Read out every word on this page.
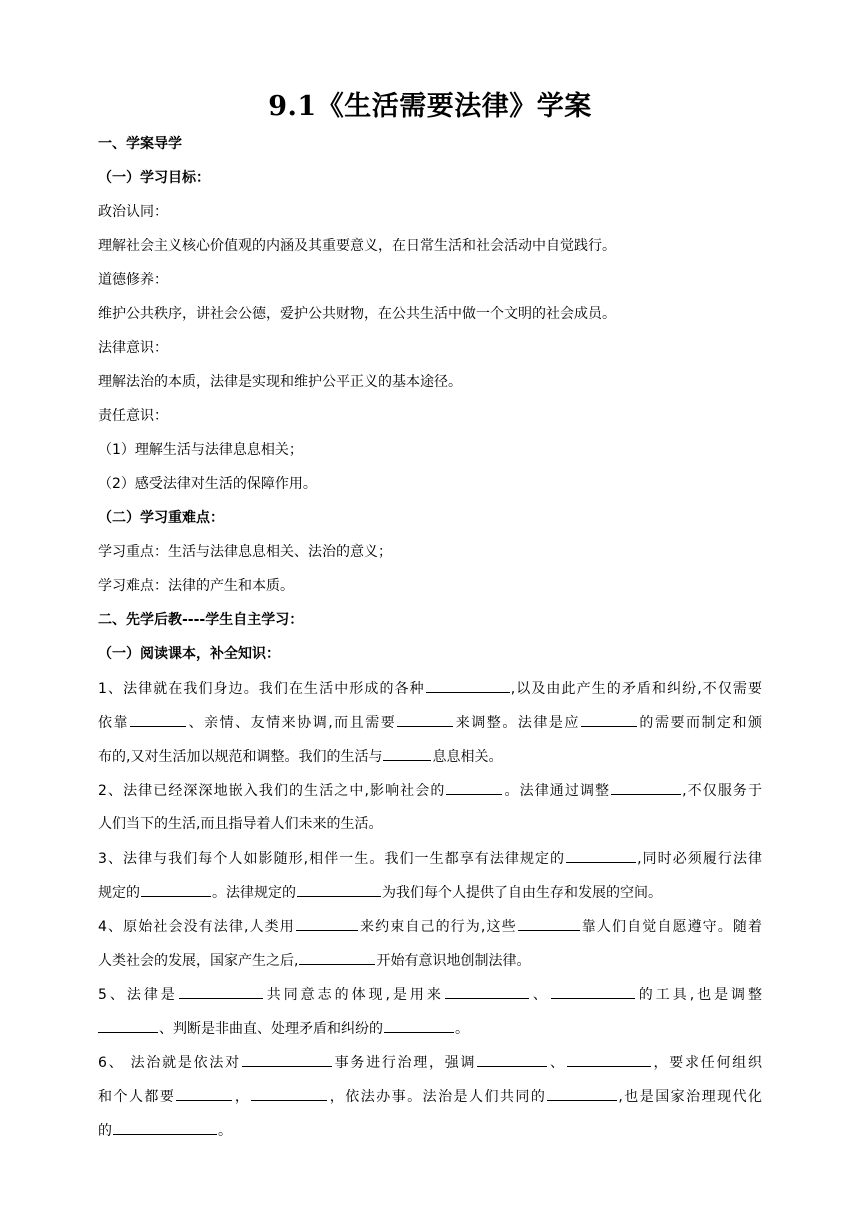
9.1《生活需要法律》学案
一、学案导学
（一）学习目标：
政治认同：
理解社会主义核心价值观的内涵及其重要意义，在日常生活和社会活动中自觉践行。
道德修养：
维护公共秩序，讲社会公德，爱护公共财物，在公共生活中做一个文明的社会成员。
法律意识：
理解法治的本质，法律是实现和维护公平正义的基本途径。
责任意识：
（1）理解生活与法律息息相关；
（2）感受法律对生活的保障作用。
（二）学习重难点：
学习重点：生活与法律息息相关、法治的意义；
学习难点：法律的产生和本质。
二、先学后教----学生自主学习：
（一）阅读课本，补全知识：
1、法律就在我们身边。我们在生活中形成的各种	,以及由此产生的矛盾和纠纷,不仅需要
依靠	、亲情、友情来协调,而且需要	来调整。法律是应	的需要而制定和颁
布的,又对生活加以规范和调整。我们的生活与	息息相关。
2、法律已经深深地嵌入我们的生活之中,影响社会的	。法律通过调整	,不仅服务于
人们当下的生活,而且指导着人们未来的生活。
3、法律与我们每个人如影随形,相伴一生。我们一生都享有法律规定的	,同时必须履行法律
规定的	。法律规定的	为我们每个人提供了自由生存和发展的空间。
4、原始社会没有法律,人类用	来约束自己的行为,这些	靠人们自觉自愿遵守。随着
人类社会的发展，国家产生之后,	开始有意识地创制法律。
5、法律是	共同意志的体现,是用来	、	的工具,也是调整
、判断是非曲直、处理矛盾和纠纷的	。
6、 法治就是依法对	事务进行治理，强调	、	，要求任何组织
和个人都要	，	，依法办事。法治是人们共同的	,也是国家治理现代化
的	。
